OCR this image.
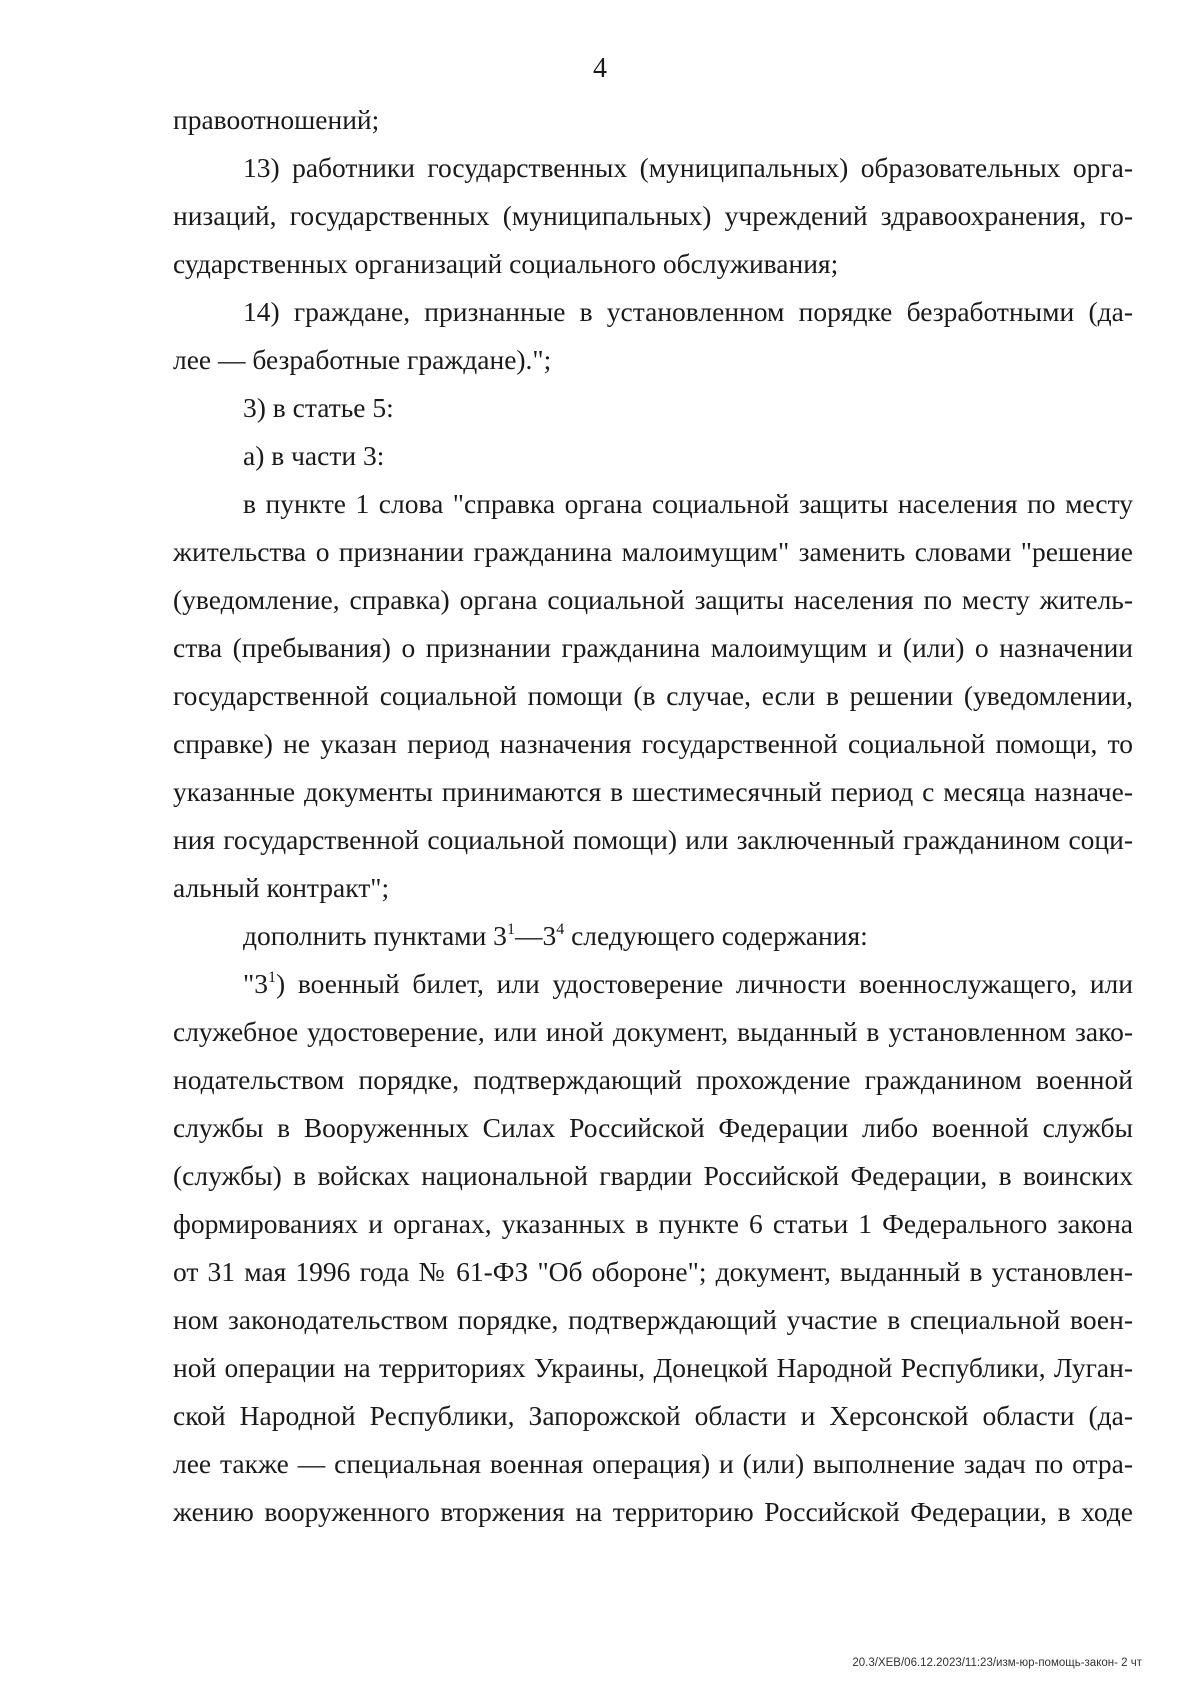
4
правоотношений;
13) работники государственных (муниципальных) образовательных орга-
низаций, государственных (муниципальных) учреждений здравоохранения, го-
сударственных организаций социального обслуживания;
14) граждане, признанные в установленном порядке безработными (да-
лее — безработные граждане).";
3) в статье 5:
а) в части 3:
в пункте 1 слова "справка органа социальной защиты населения по месту
жительства о признании гражданина малоимущим" заменить словами "решение
(уведомление, справка) органа социальной защиты населения по месту житель-
ства (пребывания) о признании гражданина малоимущим и (или) о назначении
государственной социальной помощи (в случае, если в решении (уведомлении,
справке) не указан период назначения государственной социальной помощи, то
указанные документы принимаются в шестимесячный период с месяца назначе-
ния государственной социальной помощи) или заключенный гражданином соци-
альный контракт";
дополнить пунктами $3^1—3^4$ следующего содержания:
"$3^1$) военный билет, или удостоверение личности военнослужащего, или
служебное удостоверение, или иной документ, выданный в установленном зако-
нодательством порядке, подтверждающий прохождение гражданином военной
службы в Вооруженных Силах Российской Федерации либо военной службы
(службы) в войсках национальной гвардии Российской Федерации, в воинских
формированиях и органах, указанных в пункте 6 статьи 1 Федерального закона
от 31 мая 1996 года № 61-ФЗ "Об обороне"; документ, выданный в установлен-
ном законодательством порядке, подтверждающий участие в специальной воен-
ной операции на территориях Украины, Донецкой Народной Республики, Луган-
ской Народной Республики, Запорожской области и Херсонской области (да-
лее также — специальная военная операция) и (или) выполнение задач по отра-
жению вооруженного вторжения на территорию Российской Федерации, в ходе
20.3/ХЕВ/06.12.2023/11:23/изм-юр-помощь-закон- 2 чт
